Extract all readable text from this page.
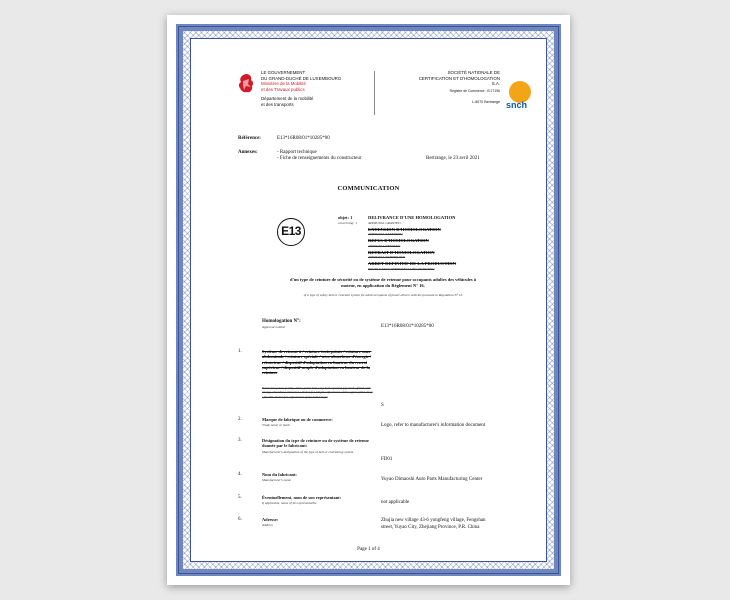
LE GOUVERNEMENT
DU GRAND-DUCHÉ DE LUXEMBOURG
Ministère de la Mobilité
et des Travaux publics
Département de la mobilité
et des transports
SOCIÉTÉ NATIONALE DE
CERTIFICATION ET D'HOMOLOGATION
S.A.
Registre de Commerce : B 27196
L-8070 Bertrange snch
Référence:	E13*16R08/01*10285*00
Annexes:	- Rapport technique
- Fiche de renseignements du constructeur	Bertrange, le 23 avril 2021
COMMUNICATION
E13
objet: 1
concerning: 1
DELIVRANCE D'UNE HOMOLOGATION
APPROVAL GRANTED
EXTENSION D'HOMOLOGATION
APPROVAL EXTENDED
REFUS D'HOMOLOGATION
APPROVAL REFUSED
RETRAIT D'HOMOLOGATION
APPROVAL WITHDRAWN
ARRET DEFINITIF DE LA PRODUCTION
PRODUCTION DEFINITELY DISCONTINUED
d'un type de ceinture de sécurité ou de système de retenue pour occupants adultes des véhicules à moteur, en application du Règlement N° 16.
of a type of safety-belt or restraint system for adult occupants of power-driven vehicles pursuant to Regulation N° 16
Homologation N°:
Approval number	E13*16R08/01*10285*00
1.	Système de retenue à / ceinture trois points / ceinture sous-abdominale / ceinture spéciale / avec absorbeur d'énergie / rétracteur / dispositif d'adaptation en hauteur du renvoi supérieur / dispositif souple d'adaptation en hauteur de la ceinture
Restraint system (with) / three-point belt / lap belt / special type belt / fitted with energy absorber / retractor / device for height adjustment of the upper pillar loop / flexible device for adjustment of the belt height
S
2.	Marque de fabrique ou de commerce:
Trade name or mark	Logo, refer to manufacturer's information document
3.	Désignation du type de ceinture ou de système de retenue donnée par le fabricant:
Manufacturer's designation of the type of belt or restraining system
FD01
4.	Nom du fabricant:
Manufacturer's name	Yuyao Dimaoshi Auto Parts Manufacturing Center
5.	Éventuellement, nom de son représentant:
If applicable, name of his representative	not applicable
6.	Adresse:
Address
Zhujia new village 43-6 yongfeng village, Fengshan street, Yuyao City, Zhejiang Province, P.R. China
Page 1 of 4
